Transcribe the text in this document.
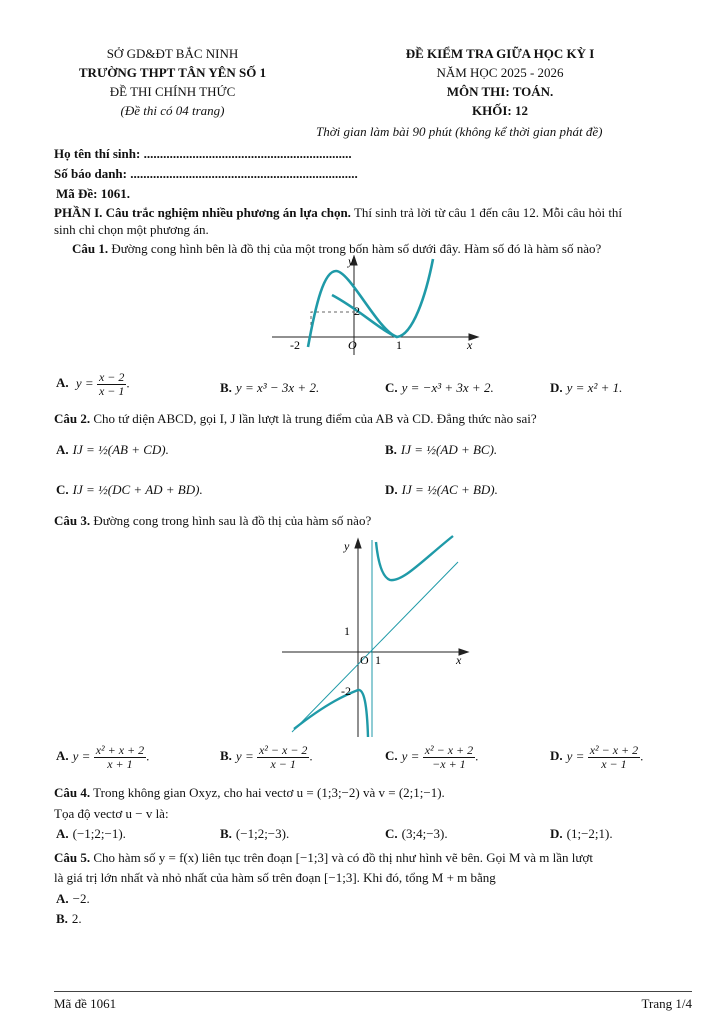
SỞ GD&ĐT BẮC NINH
TRƯỜNG THPT TÂN YÊN SỐ 1
ĐỀ THI CHÍNH THỨC
(Đề thi có 04 trang)
ĐỀ KIỂM TRA GIỮA HỌC KỲ I
NĂM HỌC 2025 - 2026
MÔN THI: TOÁN.
KHỐI: 12
Thời gian làm bài 90 phút (không kể thời gian phát đề)
Họ tên thí sinh: ................................................................
Số báo danh: ......................................................................
Mã Đề: 1061.
PHẦN I. Câu trắc nghiệm nhiều phương án lựa chọn. Thí sinh trả lời từ câu 1 đến câu 12. Mỗi câu hỏi thí
sinh chỉ chọn một phương án.
Câu 1. Đường cong hình bên là đồ thị của một trong bốn hàm số dưới đây. Hàm số đó là hàm số nào?
y
x
2
-2	O	1
A. $y = \frac{x - 2}{x - 1}$ .	B. y = x³ − 3x + 2.	C. y = −x³ + 3x + 2.	D. y = x² + 1.
Câu 2. Cho tứ diện ABCD, gọi I, J lần lượt là trung điểm của AB và CD. Đẳng thức nào sai?
A. IJ = ½(AB + CD).	B. IJ = ½(AD + BC).
C. IJ = ½(DC + AD + BD).	D. IJ = ½(AC + BD).
Câu 3. Đường cong trong hình sau là đồ thị của hàm số nào?
y
x
1
O 1
-2
A. $y = \frac{\text{x² + x + 2}}{x + 1}$ .	B. $y = \frac{\text{x² − x − 2}}{x - 1}$ .	C. $y = \frac{\text{x² − x + 2}}{-x + 1}$ .	D. $y = \frac{\text{x² − x + 2}}{x - 1}$ .
Câu 4. Trong không gian Oxyz, cho hai vectơ u = (1;3;−2) và v = (2;1;−1).
Tọa độ vectơ u − v là:
A. (−1;2;−1).	B. (−1;2;−3).	C. (3;4;−3).	D. (1;−2;1).
Câu 5. Cho hàm số y = f(x) liên tục trên đoạn [−1;3] và có đồ thị như hình vẽ bên. Gọi M và m lần lượt
là giá trị lớn nhất và nhỏ nhất của hàm số trên đoạn [−1;3]. Khi đó, tổng M + m bằng
A. −2.
B. 2.
Mã đề 1061	Trang 1/4
